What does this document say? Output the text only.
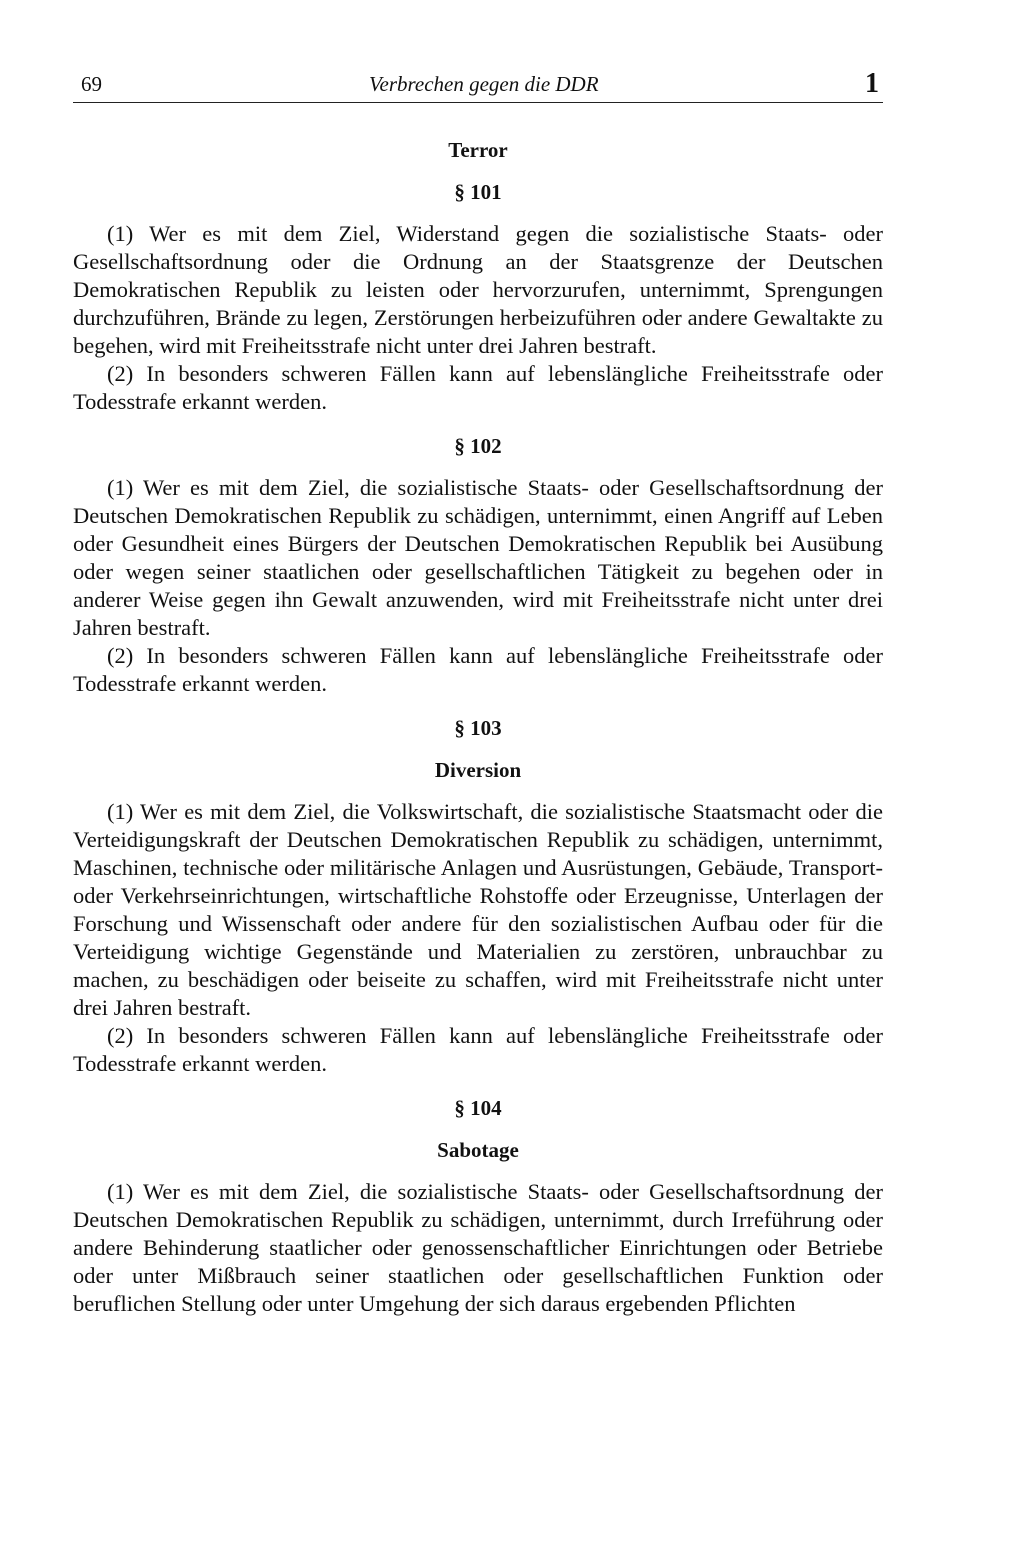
69	Verbrechen gegen die DDR	1
Terror
§ 101

(1) Wer es mit dem Ziel, Widerstand gegen die sozialistische Staats- oder Gesellschaftsordnung oder die Ordnung an der Staatsgrenze der Deutschen Demokratischen Republik zu leisten oder hervorzurufen, unternimmt, Sprengungen durchzuführen, Brände zu legen, Zerstörungen herbeizuführen oder andere Gewaltakte zu begehen, wird mit Freiheitsstrafe nicht unter drei Jahren bestraft.

(2) In besonders schweren Fällen kann auf lebenslängliche Freiheitsstrafe oder Todesstrafe erkannt werden.

§ 102

(1) Wer es mit dem Ziel, die sozialistische Staats- oder Gesellschaftsordnung der Deutschen Demokratischen Republik zu schädigen, unternimmt, einen Angriff auf Leben oder Gesundheit eines Bürgers der Deutschen Demokratischen Republik bei Ausübung oder wegen seiner staatlichen oder gesellschaftlichen Tätigkeit zu begehen oder in anderer Weise gegen ihn Gewalt anzuwenden, wird mit Freiheitsstrafe nicht unter drei Jahren bestraft.

(2) In besonders schweren Fällen kann auf lebenslängliche Freiheitsstrafe oder Todesstrafe erkannt werden.

§ 103
Diversion

(1) Wer es mit dem Ziel, die Volkswirtschaft, die sozialistische Staatsmacht oder die Verteidigungskraft der Deutschen Demokratischen Republik zu schädigen, unternimmt, Maschinen, technische oder militärische Anlagen und Ausrüstungen, Gebäude, Transport- oder Verkehrseinrichtungen, wirtschaftliche Rohstoffe oder Erzeugnisse, Unterlagen der Forschung und Wissenschaft oder andere für den sozialistischen Aufbau oder für die Verteidigung wichtige Gegenstände und Materialien zu zerstören, unbrauchbar zu machen, zu beschädigen oder beiseite zu schaffen, wird mit Freiheitsstrafe nicht unter drei Jahren bestraft.

(2) In besonders schweren Fällen kann auf lebenslängliche Freiheitsstrafe oder Todesstrafe erkannt werden.

§ 104
Sabotage

(1) Wer es mit dem Ziel, die sozialistische Staats- oder Gesellschaftsordnung der Deutschen Demokratischen Republik zu schädigen, unternimmt, durch Irreführung oder andere Behinderung staatlicher oder genossenschaftlicher Einrichtungen oder Betriebe oder unter Mißbrauch seiner staatlichen oder gesellschaftlichen Funktion oder beruflichen Stellung oder unter Umgehung der sich daraus ergebenden Pflichten
